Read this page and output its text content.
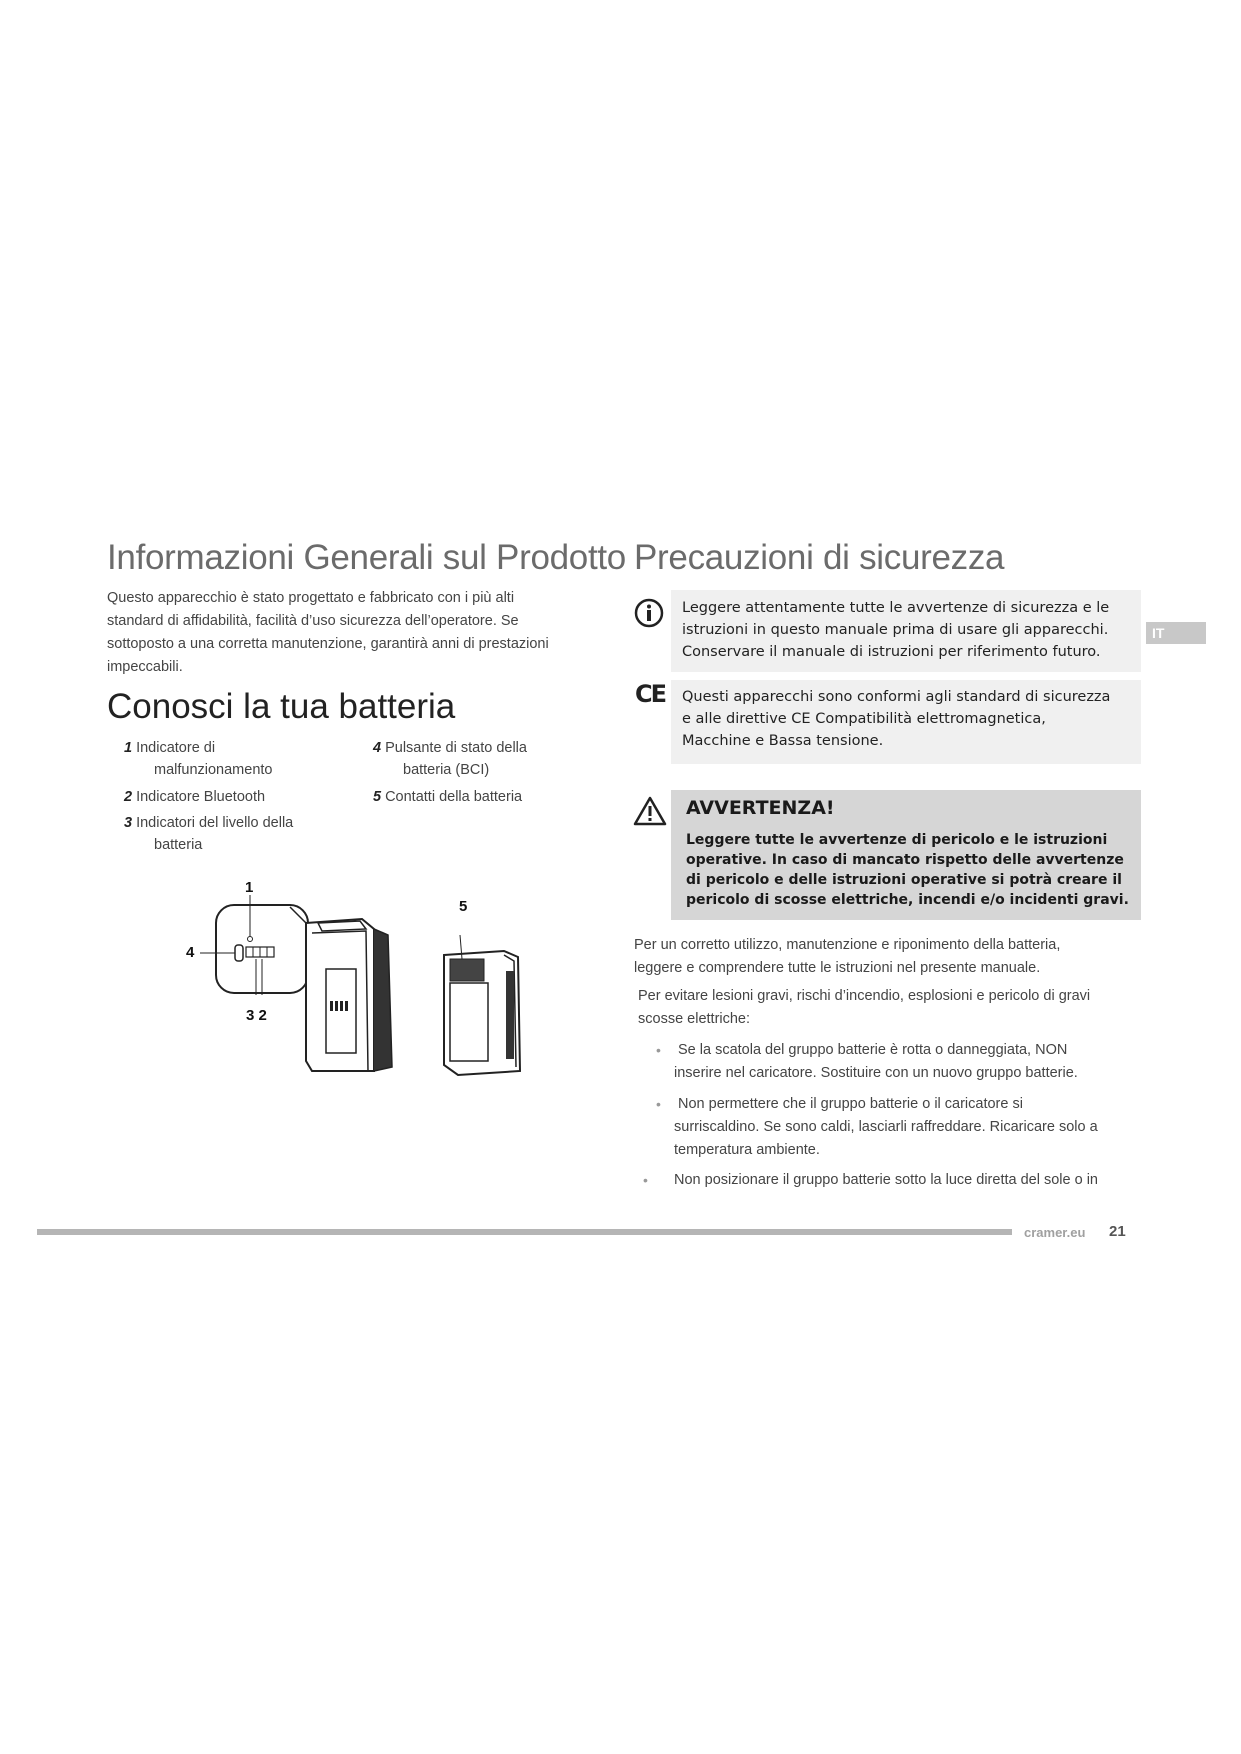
Informazioni Generali sul Prodotto
Questo apparecchio è stato progettato e fabbricato con i più alti
standard di affidabilità, facilità d’uso sicurezza dell’operatore. Se
sottoposto a una corretta manutenzione, garantirà anni di prestazioni
impeccabili.
Conosci la tua batteria
1 Indicatore di
malfunzionamento
2 Indicatore Bluetooth
3 Indicatori del livello della
batteria
4 Pulsante di stato della
batteria (BCI)
5 Contatti della batteria
1
4
3 2
5
Precauzioni di sicurezza
Leggere attentamente tutte le avvertenze di sicurezza e le
istruzioni in questo manuale prima di usare gli apparecchi.
Conservare il manuale di istruzioni per riferimento futuro.
CE Questi apparecchi sono conformi agli standard di sicurezza
e alle direttive CE Compatibilità elettromagnetica,
Macchine e Bassa tensione.
AVVERTENZA!
Leggere tutte le avvertenze di pericolo e le istruzioni
operative. In caso di mancato rispetto delle avvertenze
di pericolo e delle istruzioni operative si potrà creare il
pericolo di scosse elettriche, incendi e/o incidenti gravi.
Per un corretto utilizzo, manutenzione e riponimento della batteria,
leggere e comprendere tutte le istruzioni nel presente manuale.
Per evitare lesioni gravi, rischi d’incendio, esplosioni e pericolo di gravi
scosse elettriche:
• Se la scatola del gruppo batterie è rotta o danneggiata, NON
inserire nel caricatore. Sostituire con un nuovo gruppo batterie.
• Non permettere che il gruppo batterie o il caricatore si
surriscaldino. Se sono caldi, lasciarli raffreddare. Ricaricare solo a
temperatura ambiente.
• Non posizionare il gruppo batterie sotto la luce diretta del sole o in
IT
cramer.eu 21
